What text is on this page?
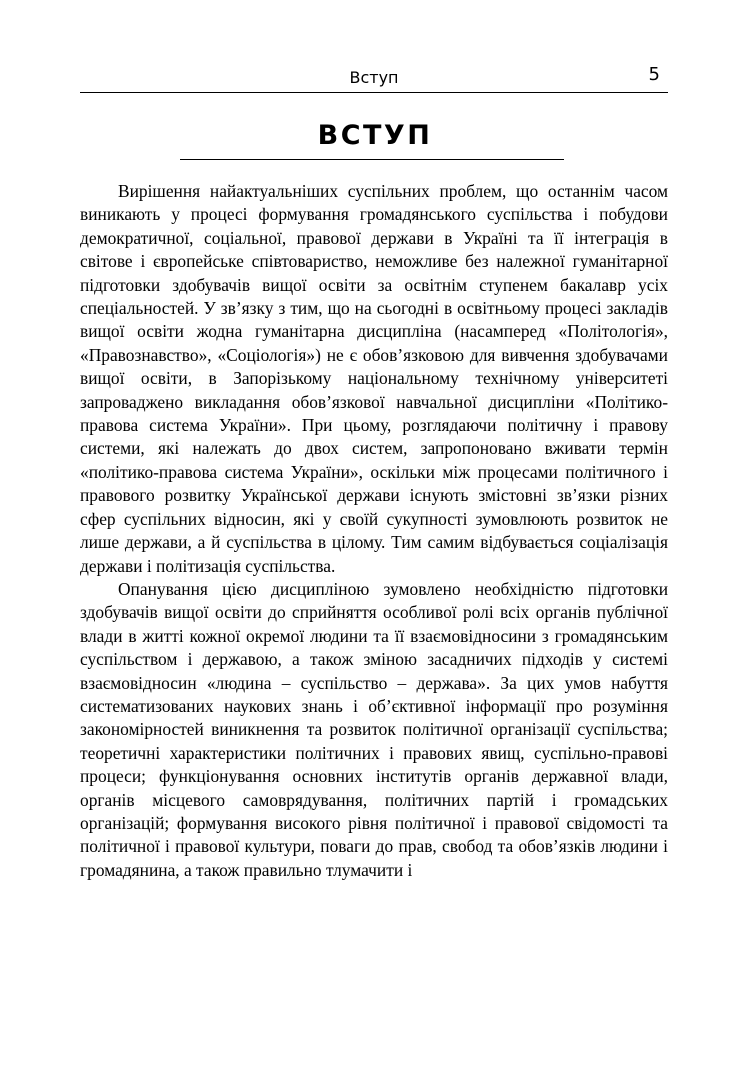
Вступ	5
ВСТУП

Вирішення найактуальніших суспільних проблем, що останнім часом виникають у процесі формування громадянського суспільства і побудови демократичної, соціальної, правової держави в Україні та її інтеграція в світове і європейське співтовариство, неможливе без належної гуманітарної підготовки здобувачів вищої освіти за освітнім ступенем бакалавр усіх спеціальностей. У зв’язку з тим, що на сьогодні в освітньому процесі закладів вищої освіти жодна гуманітарна дисципліна (насамперед «Політологія», «Правознавство», «Соціологія») не є обов’язковою для вивчення здобувачами вищої освіти, в Запорізькому національному технічному університеті запроваджено викладання обов’язкової навчальної дисципліни «Політико-правова система України». При цьому, розглядаючи політичну і правову системи, які належать до двох систем, запропоновано вживати термін «політико-правова система України», оскільки між процесами політичного і правового розвитку Української держави існують змістовні зв’язки різних сфер суспільних відносин, які у своїй сукупності зумовлюють розвиток не лише держави, а й суспільства в цілому. Тим самим відбувається соціалізація держави і політизація суспільства.

Опанування цією дисципліною зумовлено необхідністю підготовки здобувачів вищої освіти до сприйняття особливої ролі всіх органів публічної влади в житті кожної окремої людини та її взаємовідносини з громадянським суспільством і державою, а також зміною засадничих підходів у системі взаємовідносин «людина – суспільство – держава». За цих умов набуття систематизованих наукових знань і об’єктивної інформації про розуміння закономірностей виникнення та розвиток політичної організації суспільства; теоретичні характеристики політичних і правових явищ, суспільно-правові процеси; функціонування основних інститутів органів державної влади, органів місцевого самоврядування, політичних партій і громадських організацій; формування високого рівня політичної і правової свідомості та політичної і правової культури, поваги до прав, свобод та обов’язків людини і громадянина, а також правильно тлумачити і
